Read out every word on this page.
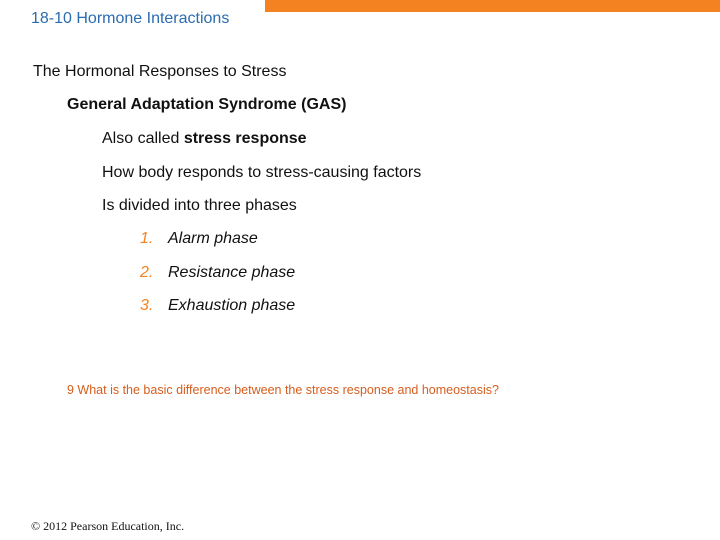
18-10 Hormone Interactions
The Hormonal Responses to Stress
General Adaptation Syndrome (GAS)
Also called stress response
How body responds to stress-causing factors
Is divided into three phases
1. Alarm phase
2. Resistance phase
3. Exhaustion phase
9 What is the basic difference between the stress response and homeostasis?
© 2012 Pearson Education, Inc.
